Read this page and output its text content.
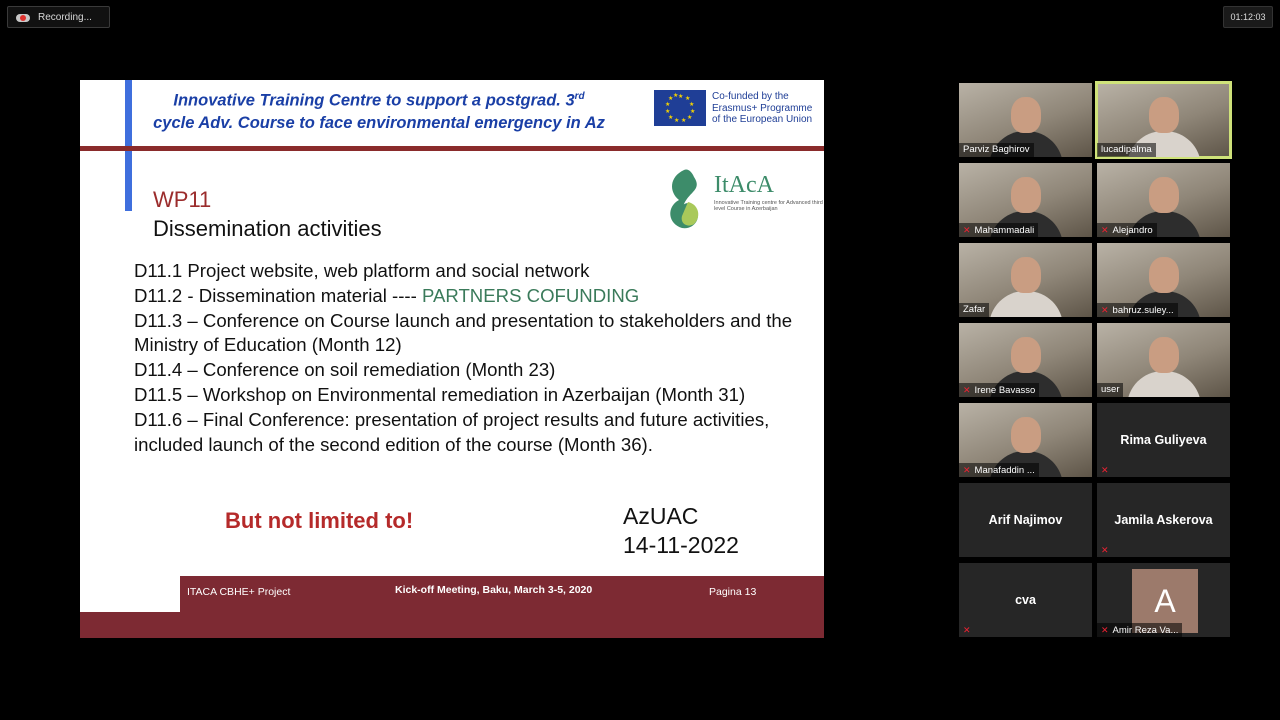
Recording...	01:12:03
Innovative Training Centre to support a postgrad. 3rd
cycle Adv. Course to face environmental emergency in Az
★ ★
★
★
★
★
★
★
★
★
★ ★	Co-funded by the
Erasmus+ Programme
of the European Union
ItAcA
Innovative Training centre for Advanced third level Course in Azerbaijan
WP11
Dissemination activities
D11.1 Project website, web platform and social network
D11.2 - Dissemination material ---- PARTNERS COFUNDING
D11.3 – Conference on Course launch and presentation to stakeholders and the Ministry of Education (Month 12)
D11.4 – Conference on soil remediation (Month 23)
D11.5 – Workshop on Environmental remediation in Azerbaijan (Month 31)
D11.6 – Final Conference: presentation of project results and future activities, included launch of the second edition of the course (Month 36).
But not limited to!	AzUAC
14-11-2022
ITACA CBHE+ Project	Kick-off Meeting, Baku, March 3-5, 2020	Pagina 13
Parviz Baghirov	lucadipalma
✕ Mahammadali	✕ Alejandro
Zafar	✕ bahruz.suley...
✕ Irene Bavasso	user
✕ Manafaddin ...
Rima Guliyeva
✕
Arif Najimov	Jamila Askerova
✕
cva
✕
A
✕ Amir Reza Va...
